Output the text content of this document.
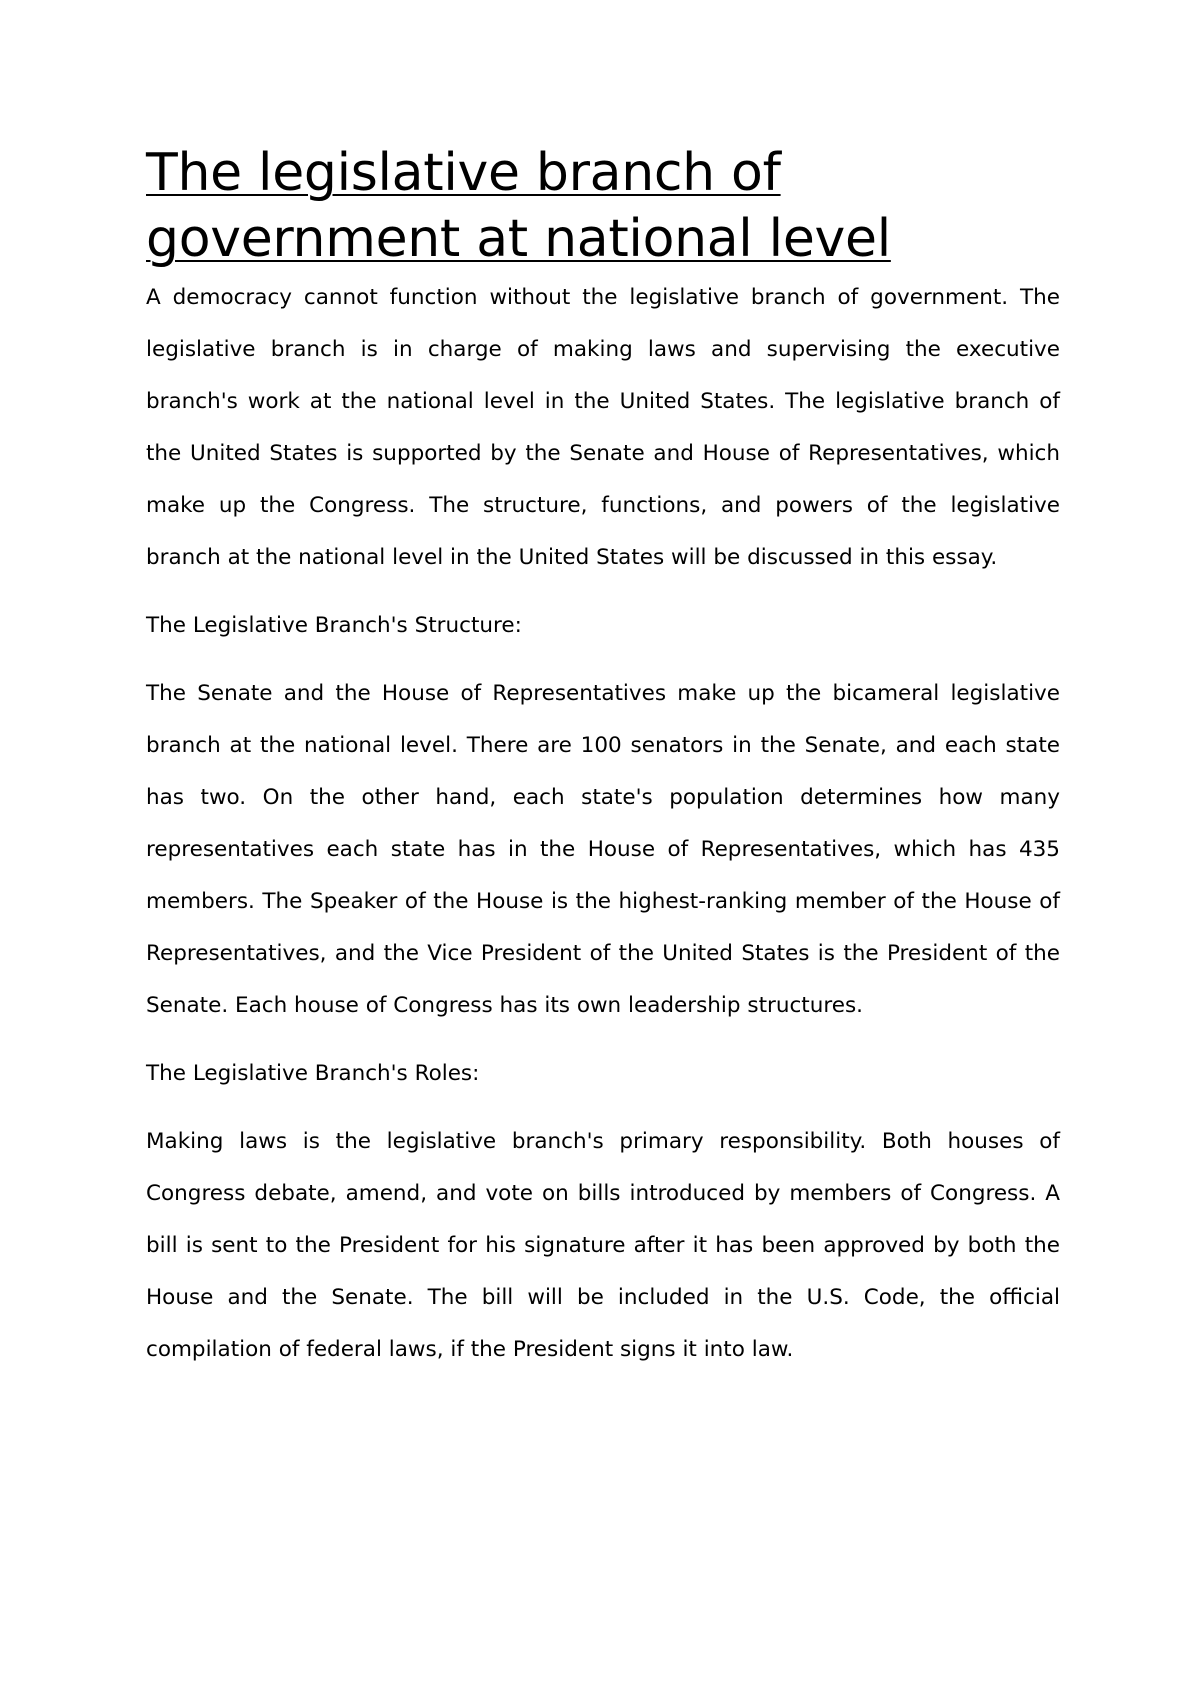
The legislative branch of government at national level

A democracy cannot function without the legislative branch of government. The legislative branch is in charge of making laws and supervising the executive branch's work at the national level in the United States. The legislative branch of the United States is supported by the Senate and House of Representatives, which make up the Congress. The structure, functions, and powers of the legislative branch at the national level in the United States will be discussed in this essay.

The Legislative Branch's Structure:

The Senate and the House of Representatives make up the bicameral legislative branch at the national level. There are 100 senators in the Senate, and each state has two. On the other hand, each state's population determines how many representatives each state has in the House of Representatives, which has 435 members. The Speaker of the House is the highest-ranking member of the House of Representatives, and the Vice President of the United States is the President of the Senate. Each house of Congress has its own leadership structures.

The Legislative Branch's Roles:

Making laws is the legislative branch's primary responsibility. Both houses of Congress debate, amend, and vote on bills introduced by members of Congress. A bill is sent to the President for his signature after it has been approved by both the House and the Senate. The bill will be included in the U.S. Code, the official compilation of federal laws, if the President signs it into law.
